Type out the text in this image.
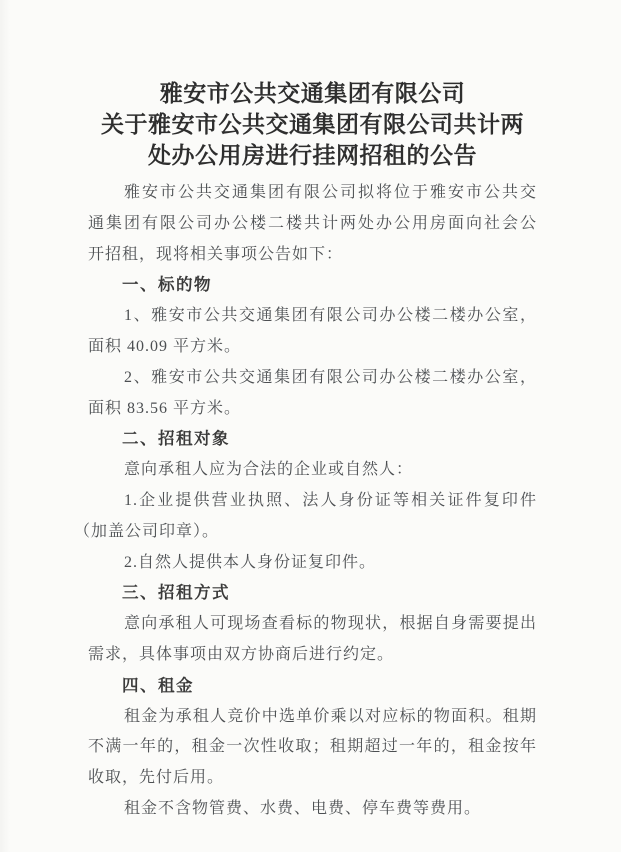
雅安市公共交通集团有限公司
关于雅安市公共交通集团有限公司共计两
处办公用房进行挂网招租的公告
雅安市公共交通集团有限公司拟将位于雅安市公共交
通集团有限公司办公楼二楼共计两处办公用房面向社会公
开招租，现将相关事项公告如下：
一、标的物
1、雅安市公共交通集团有限公司办公楼二楼办公室，
面积 40.09 平方米。
2、雅安市公共交通集团有限公司办公楼二楼办公室，
面积 83.56 平方米。
二、招租对象
意向承租人应为合法的企业或自然人：
1.企业提供营业执照、法人身份证等相关证件复印件
（加盖公司印章）。
2.自然人提供本人身份证复印件。
三、招租方式
意向承租人可现场查看标的物现状，根据自身需要提出
需求，具体事项由双方协商后进行约定。
四、租金
租金为承租人竞价中选单价乘以对应标的物面积。租期
不满一年的，租金一次性收取；租期超过一年的，租金按年
收取，先付后用。
租金不含物管费、水费、电费、停车费等费用。
